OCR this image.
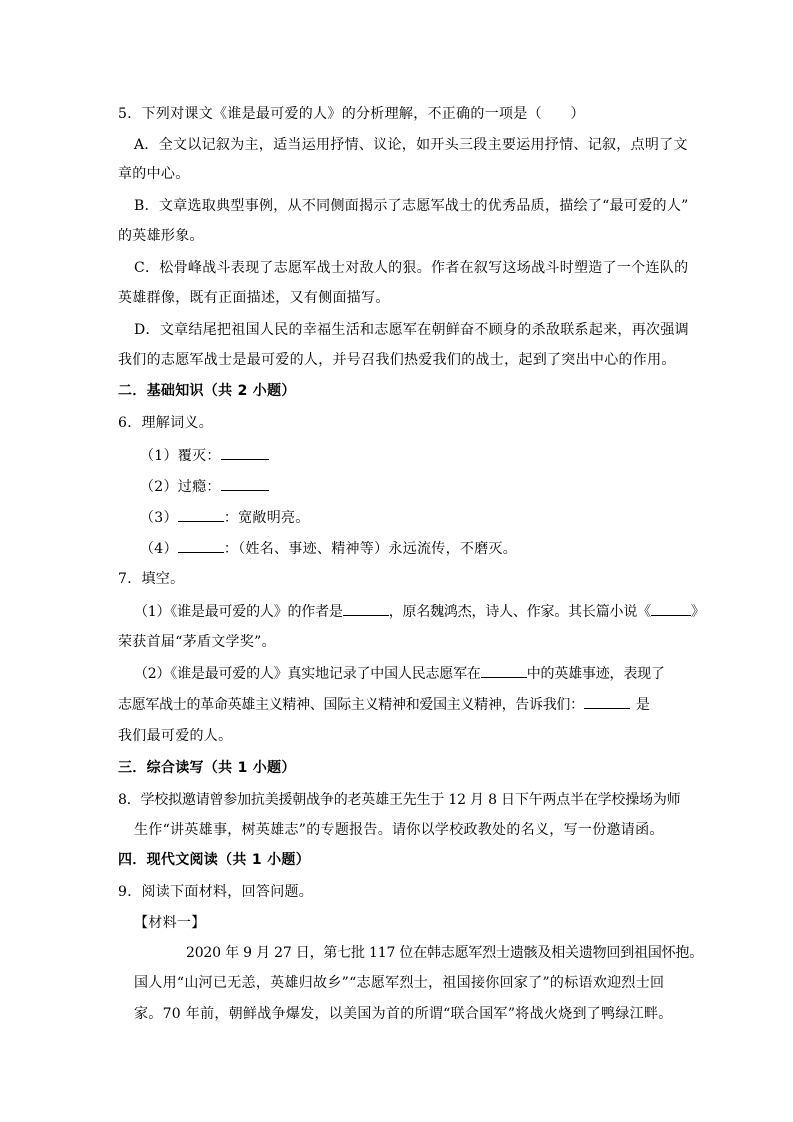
5．下列对课文《谁是最可爱的人》的分析理解，不正确的一项是（　　）
A．全文以记叙为主，适当运用抒情、议论，如开头三段主要运用抒情、记叙，点明了文
章的中心。
B．文章选取典型事例，从不同侧面揭示了志愿军战士的优秀品质，描绘了“最可爱的人”
的英雄形象。
C．松骨峰战斗表现了志愿军战士对敌人的狠。作者在叙写这场战斗时塑造了一个连队的
英雄群像，既有正面描述，又有侧面描写。
D．文章结尾把祖国人民的幸福生活和志愿军在朝鲜奋不顾身的杀敌联系起来，再次强调
我们的志愿军战士是最可爱的人，并号召我们热爱我们的战士，起到了突出中心的作用。
二．基础知识（共 2 小题）
6．理解词义。
（1）覆灭：
（2）过瘾：
（3）	：宽敞明亮。
（4）	：（姓名、事迹、精神等）永远流传，不磨灭。
7．填空。
（1）《谁是最可爱的人》的作者是	，原名魏鸿杰，诗人、作家。其长篇小说《	》
荣获首届“茅盾文学奖”。
（2）《谁是最可爱的人》真实地记录了中国人民志愿军在	中的英雄事迹，表现了
志愿军战士的革命英雄主义精神、国际主义精神和爱国主义精神，告诉我们：	是
我们最可爱的人。
三．综合读写（共 1 小题）
8．学校拟邀请曾参加抗美援朝战争的老英雄王先生于 12 月 8 日下午两点半在学校操场为师
生作“讲英雄事，树英雄志”的专题报告。请你以学校政教处的名义，写一份邀请函。
四．现代文阅读（共 1 小题）
9．阅读下面材料，回答问题。
【材料一】
2020 年 9 月 27 日，第七批 117 位在韩志愿军烈士遗骸及相关遗物回到祖国怀抱。
国人用“山河已无恙，英雄归故乡”“志愿军烈士，祖国接你回家了”的标语欢迎烈士回
家。70 年前，朝鲜战争爆发，以美国为首的所谓“联合国军”将战火烧到了鸭绿江畔。
